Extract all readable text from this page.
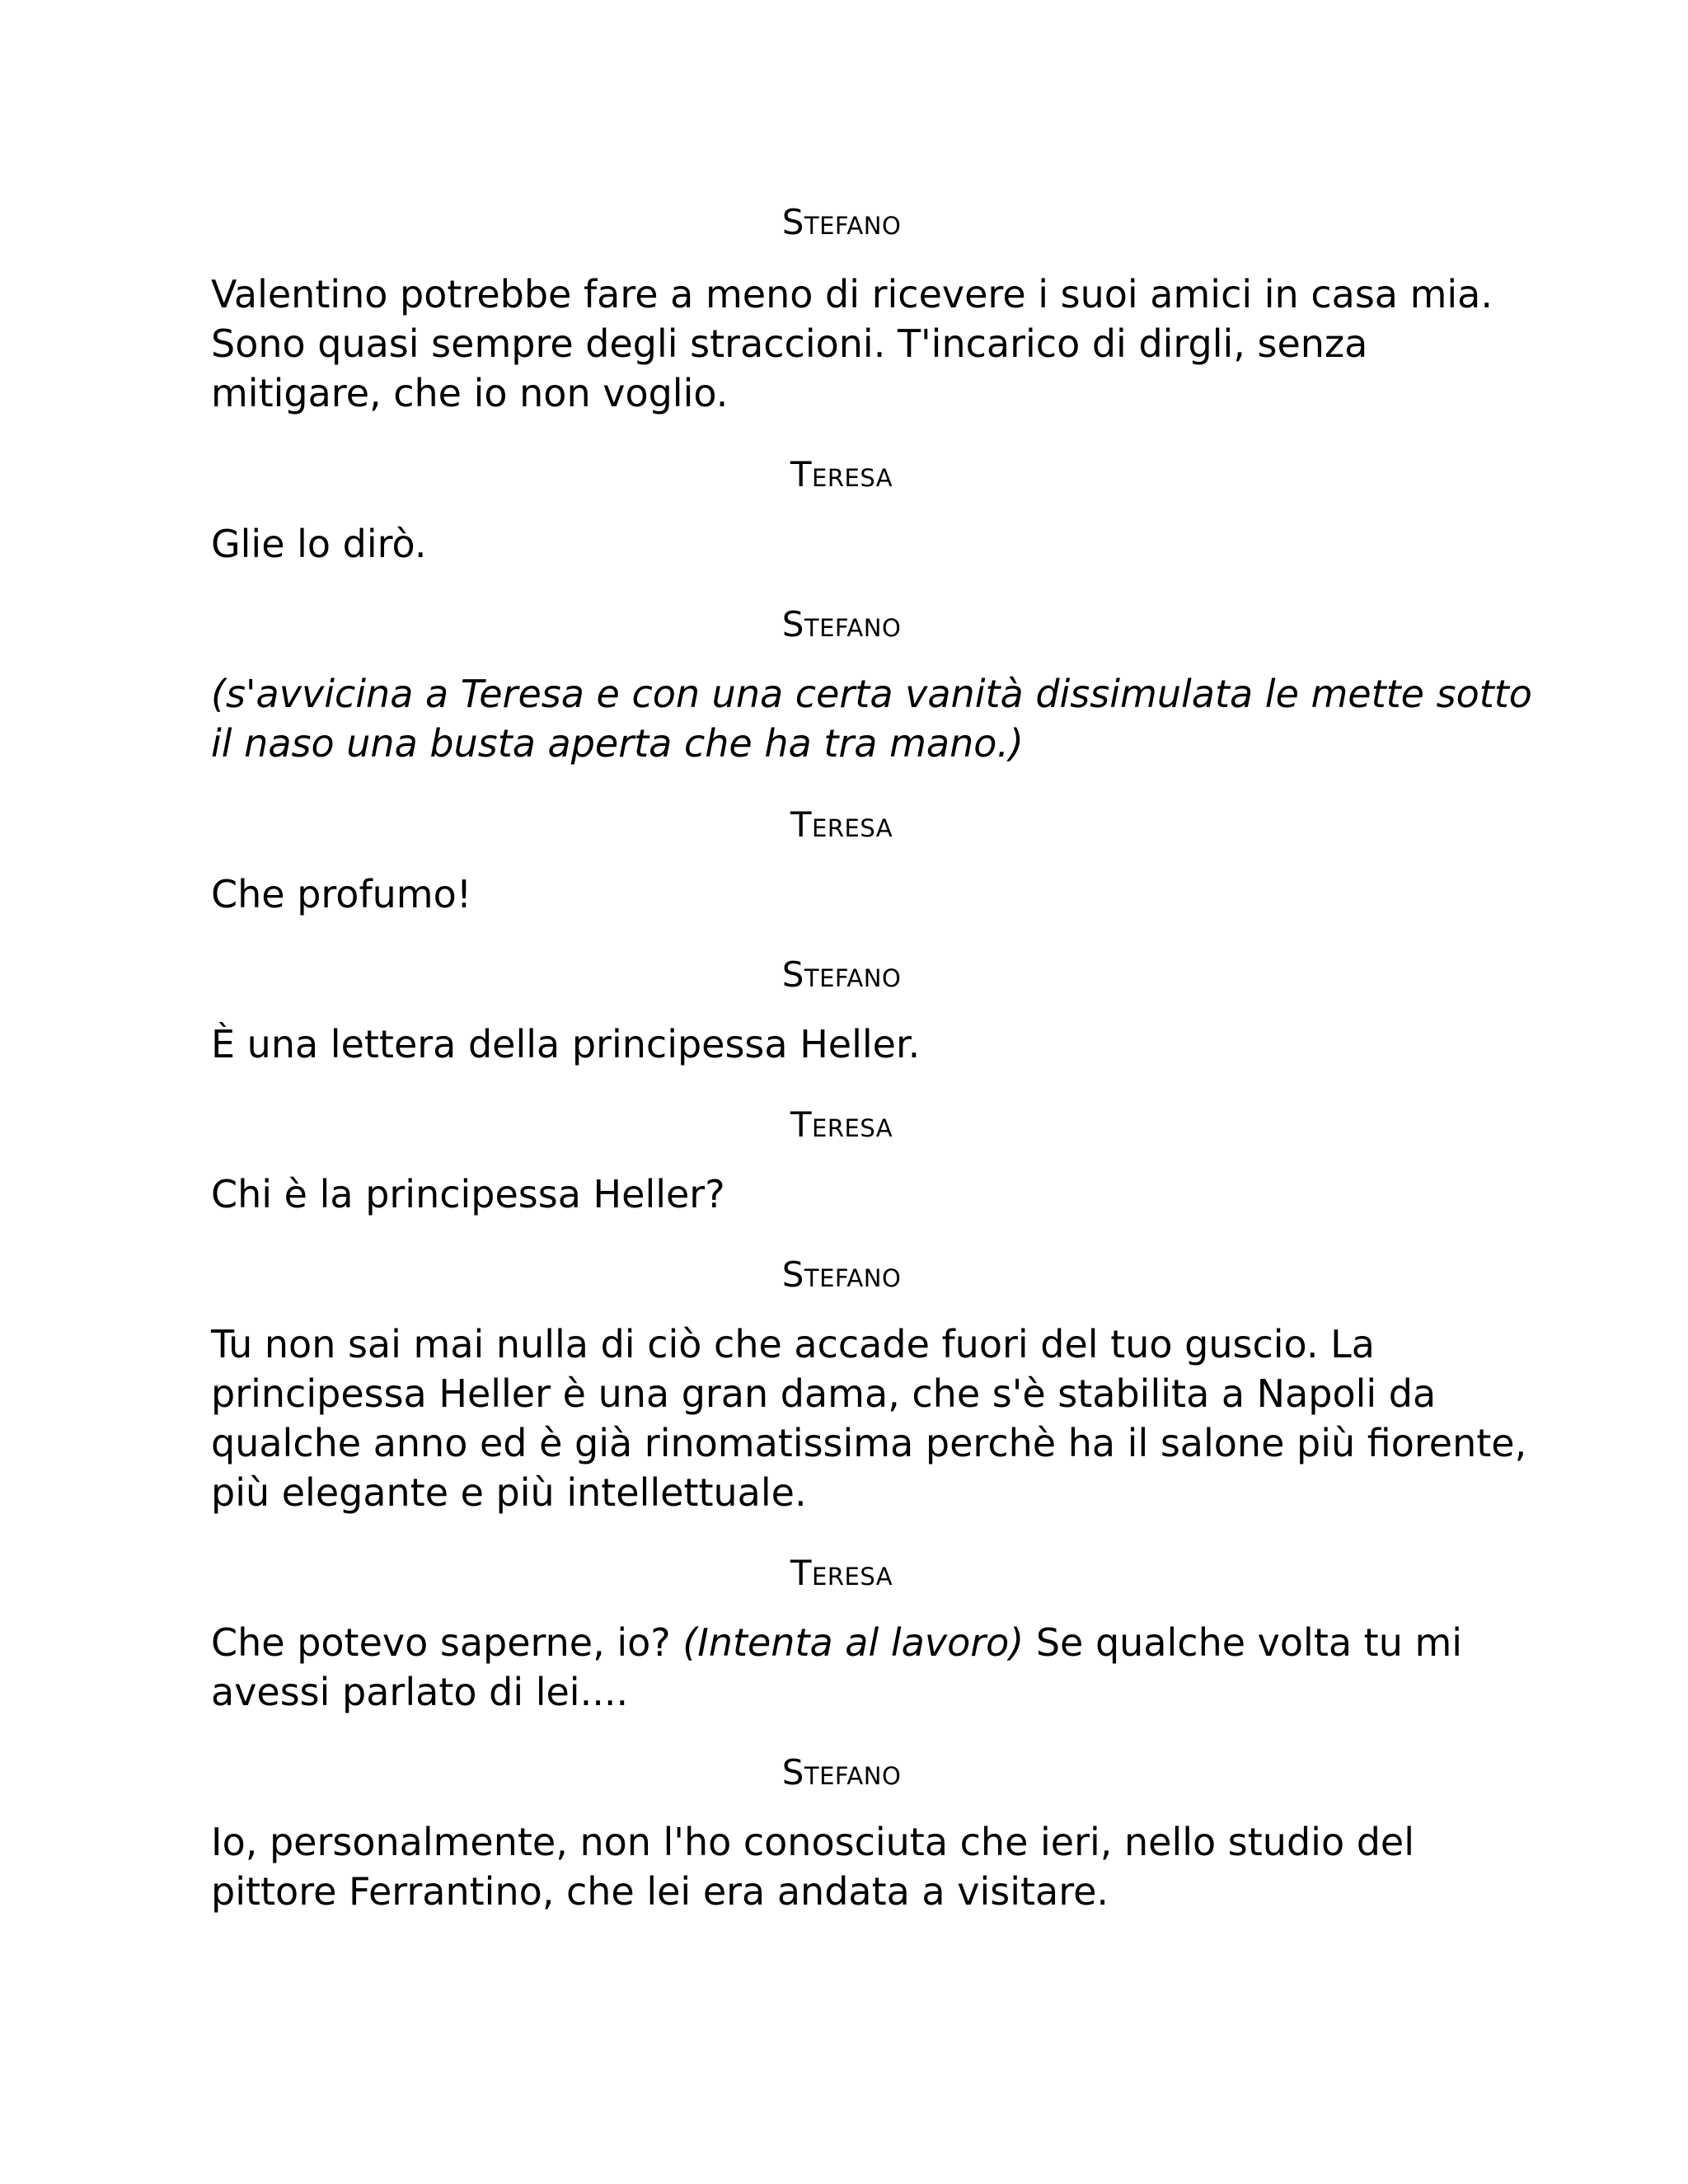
Stefano
Valentino potrebbe fare a meno di ricevere i suoi amici in casa mia.
Sono quasi sempre degli straccioni. T'incarico di dirgli, senza
mitigare, che io non voglio.
Teresa
Glie lo dirò.
Stefano
(s'avvicina a Teresa e con una certa vanità dissimulata le mette sotto
il naso una busta aperta che ha tra mano.)
Teresa
Che profumo!
Stefano
È una lettera della principessa Heller.
Teresa
Chi è la principessa Heller?
Stefano
Tu non sai mai nulla di ciò che accade fuori del tuo guscio. La
principessa Heller è una gran dama, che s'è stabilita a Napoli da
qualche anno ed è già rinomatissima perchè ha il salone più fiorente,
più elegante e più intellettuale.
Teresa
Che potevo saperne, io? (Intenta al lavoro) Se qualche volta tu mi
avessi parlato di lei....
Stefano
Io, personalmente, non l'ho conosciuta che ieri, nello studio del
pittore Ferrantino, che lei era andata a visitare.
